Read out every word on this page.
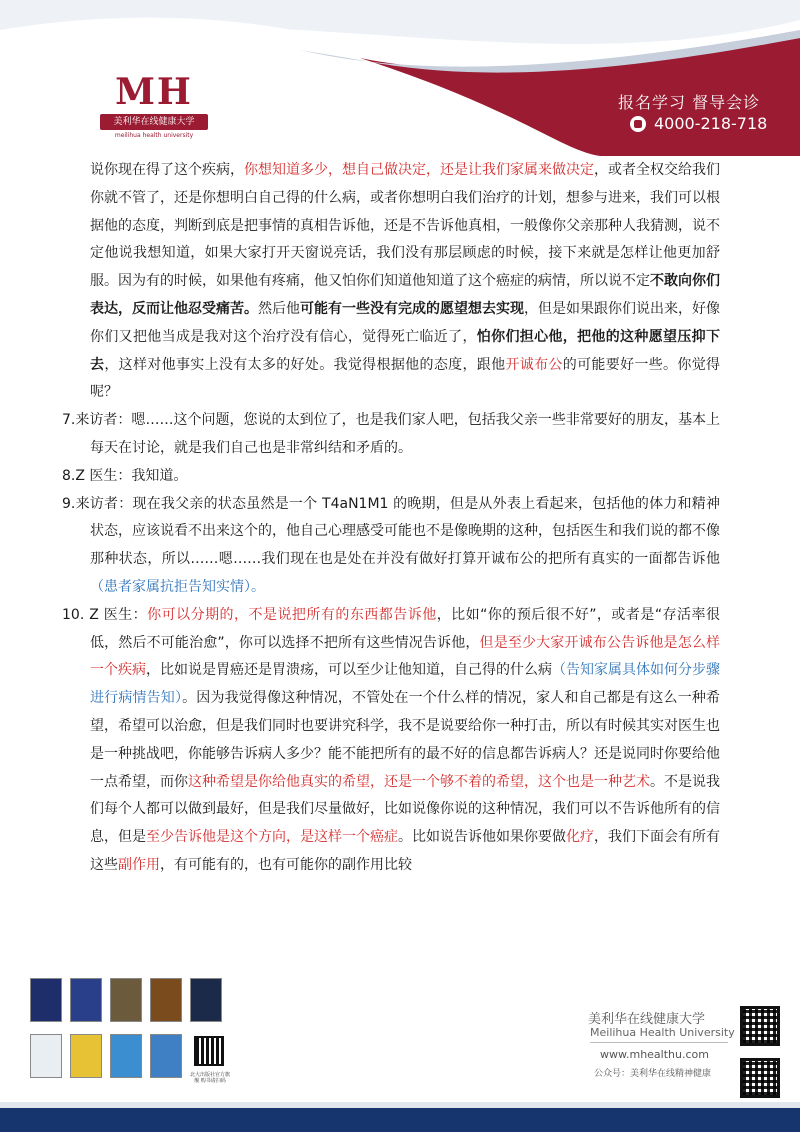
MH
美利华在线健康大学
meilihua health university
报名学习 督导会诊
4000-218-718

说你现在得了这个疾病，你想知道多少，想自己做决定，还是让我们家属来做决定，或者全权交给我们你就不管了，还是你想明白自己得的什么病，或者你想明白我们治疗的计划，想参与进来，我们可以根据他的态度，判断到底是把事情的真相告诉他，还是不告诉他真相，一般像你父亲那种人我猜测，说不定他说我想知道，如果大家打开天窗说亮话，我们没有那层顾虑的时候，接下来就是怎样让他更加舒服。因为有的时候，如果他有疼痛，他又怕你们知道他知道了这个癌症的病情，所以说不定不敢向你们表达，反而让他忍受痛苦。然后他可能有一些没有完成的愿望想去实现，但是如果跟你们说出来，好像你们又把他当成是我对这个治疗没有信心，觉得死亡临近了，怕你们担心他，把他的这种愿望压抑下去，这样对他事实上没有太多的好处。我觉得根据他的态度，跟他开诚布公的可能要好一些。你觉得呢？

7.来访者：嗯……这个问题，您说的太到位了，也是我们家人吧，包括我父亲一些非常要好的朋友，基本上每天在讨论，就是我们自己也是非常纠结和矛盾的。

8.Z 医生：我知道。

9.来访者：现在我父亲的状态虽然是一个 T4aN1M1 的晚期，但是从外表上看起来，包括他的体力和精神状态，应该说看不出来这个的，他自己心理感受可能也不是像晚期的这种，包括医生和我们说的都不像那种状态，所以……嗯……我们现在也是处在并没有做好打算开诚布公的把所有真实的一面都告诉他（患者家属抗拒告知实情）。

10. Z 医生：你可以分期的，不是说把所有的东西都告诉他，比如“你的预后很不好”，或者是“存活率很低，然后不可能治愈”，你可以选择不把所有这些情况告诉他，但是至少大家开诚布公告诉他是怎么样一个疾病，比如说是胃癌还是胃溃疡，可以至少让他知道，自己得的什么病（告知家属具体如何分步骤进行病情告知）。因为我觉得像这种情况，不管处在一个什么样的情况，家人和自己都是有这么一种希望，希望可以治愈，但是我们同时也要讲究科学，我不是说要给你一种打击，所以有时候其实对医生也是一种挑战吧，你能够告诉病人多少？能不能把所有的最不好的信息都告诉病人？还是说同时你要给他一点希望，而你这种希望是你给他真实的希望，还是一个够不着的希望，这个也是一种艺术。不是说我们每个人都可以做到最好，但是我们尽量做好，比如说像你说的这种情况，我们可以不告诉他所有的信息，但是至少告诉他是这个方向，是这样一个癌症。比如说告诉他如果你要做化疗，我们下面会有所有这些副作用，有可能有的，也有可能你的副作用比较

北大出版社官方旗舰 购书请扫码
美利华在线健康大学
Meilihua Health University
www.mhealthu.com
公众号：美利华在线精神健康
